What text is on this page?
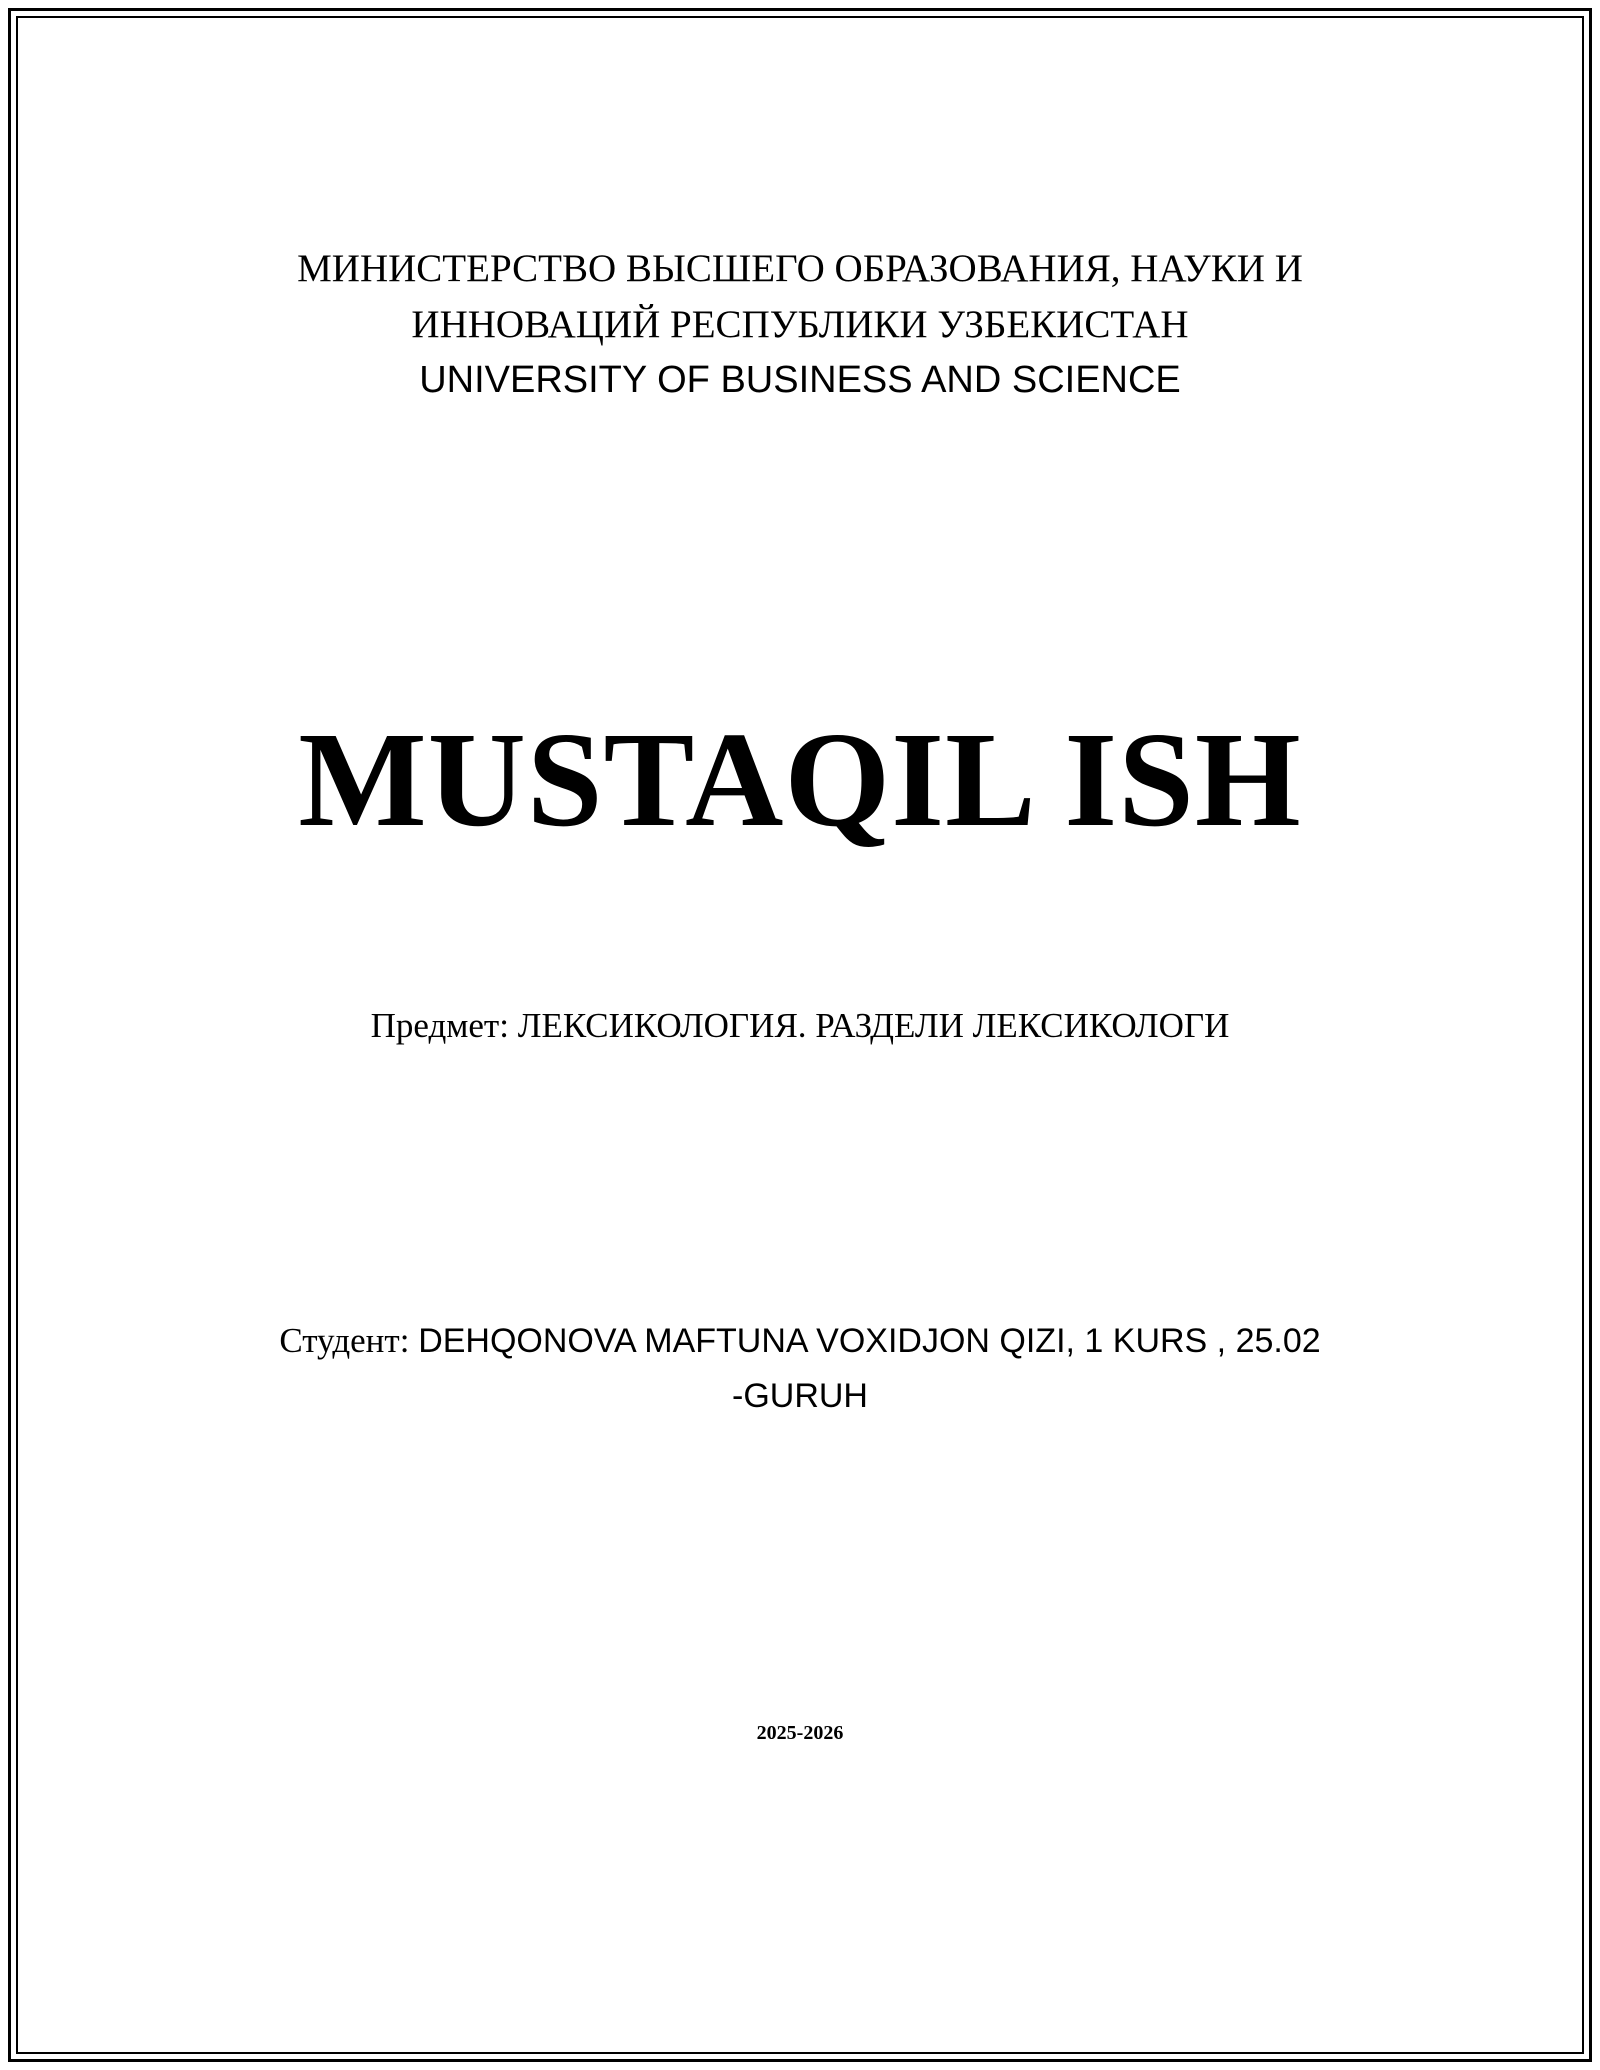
МИНИСТЕРСТВО ВЫСШЕГО ОБРАЗОВАНИЯ, НАУКИ И
ИННОВАЦИЙ РЕСПУБЛИКИ УЗБЕКИСТАН
UNIVERSITY OF BUSINESS AND SCIENCE
MUSTAQIL ISH
Предмет: ЛЕКСИКОЛОГИЯ. РАЗДЕЛИ ЛЕКСИКОЛОГИ
Студент: DEHQONOVA MAFTUNA VOXIDJON QIZI, 1 KURS , 25.02
-GURUH
2025-2026
